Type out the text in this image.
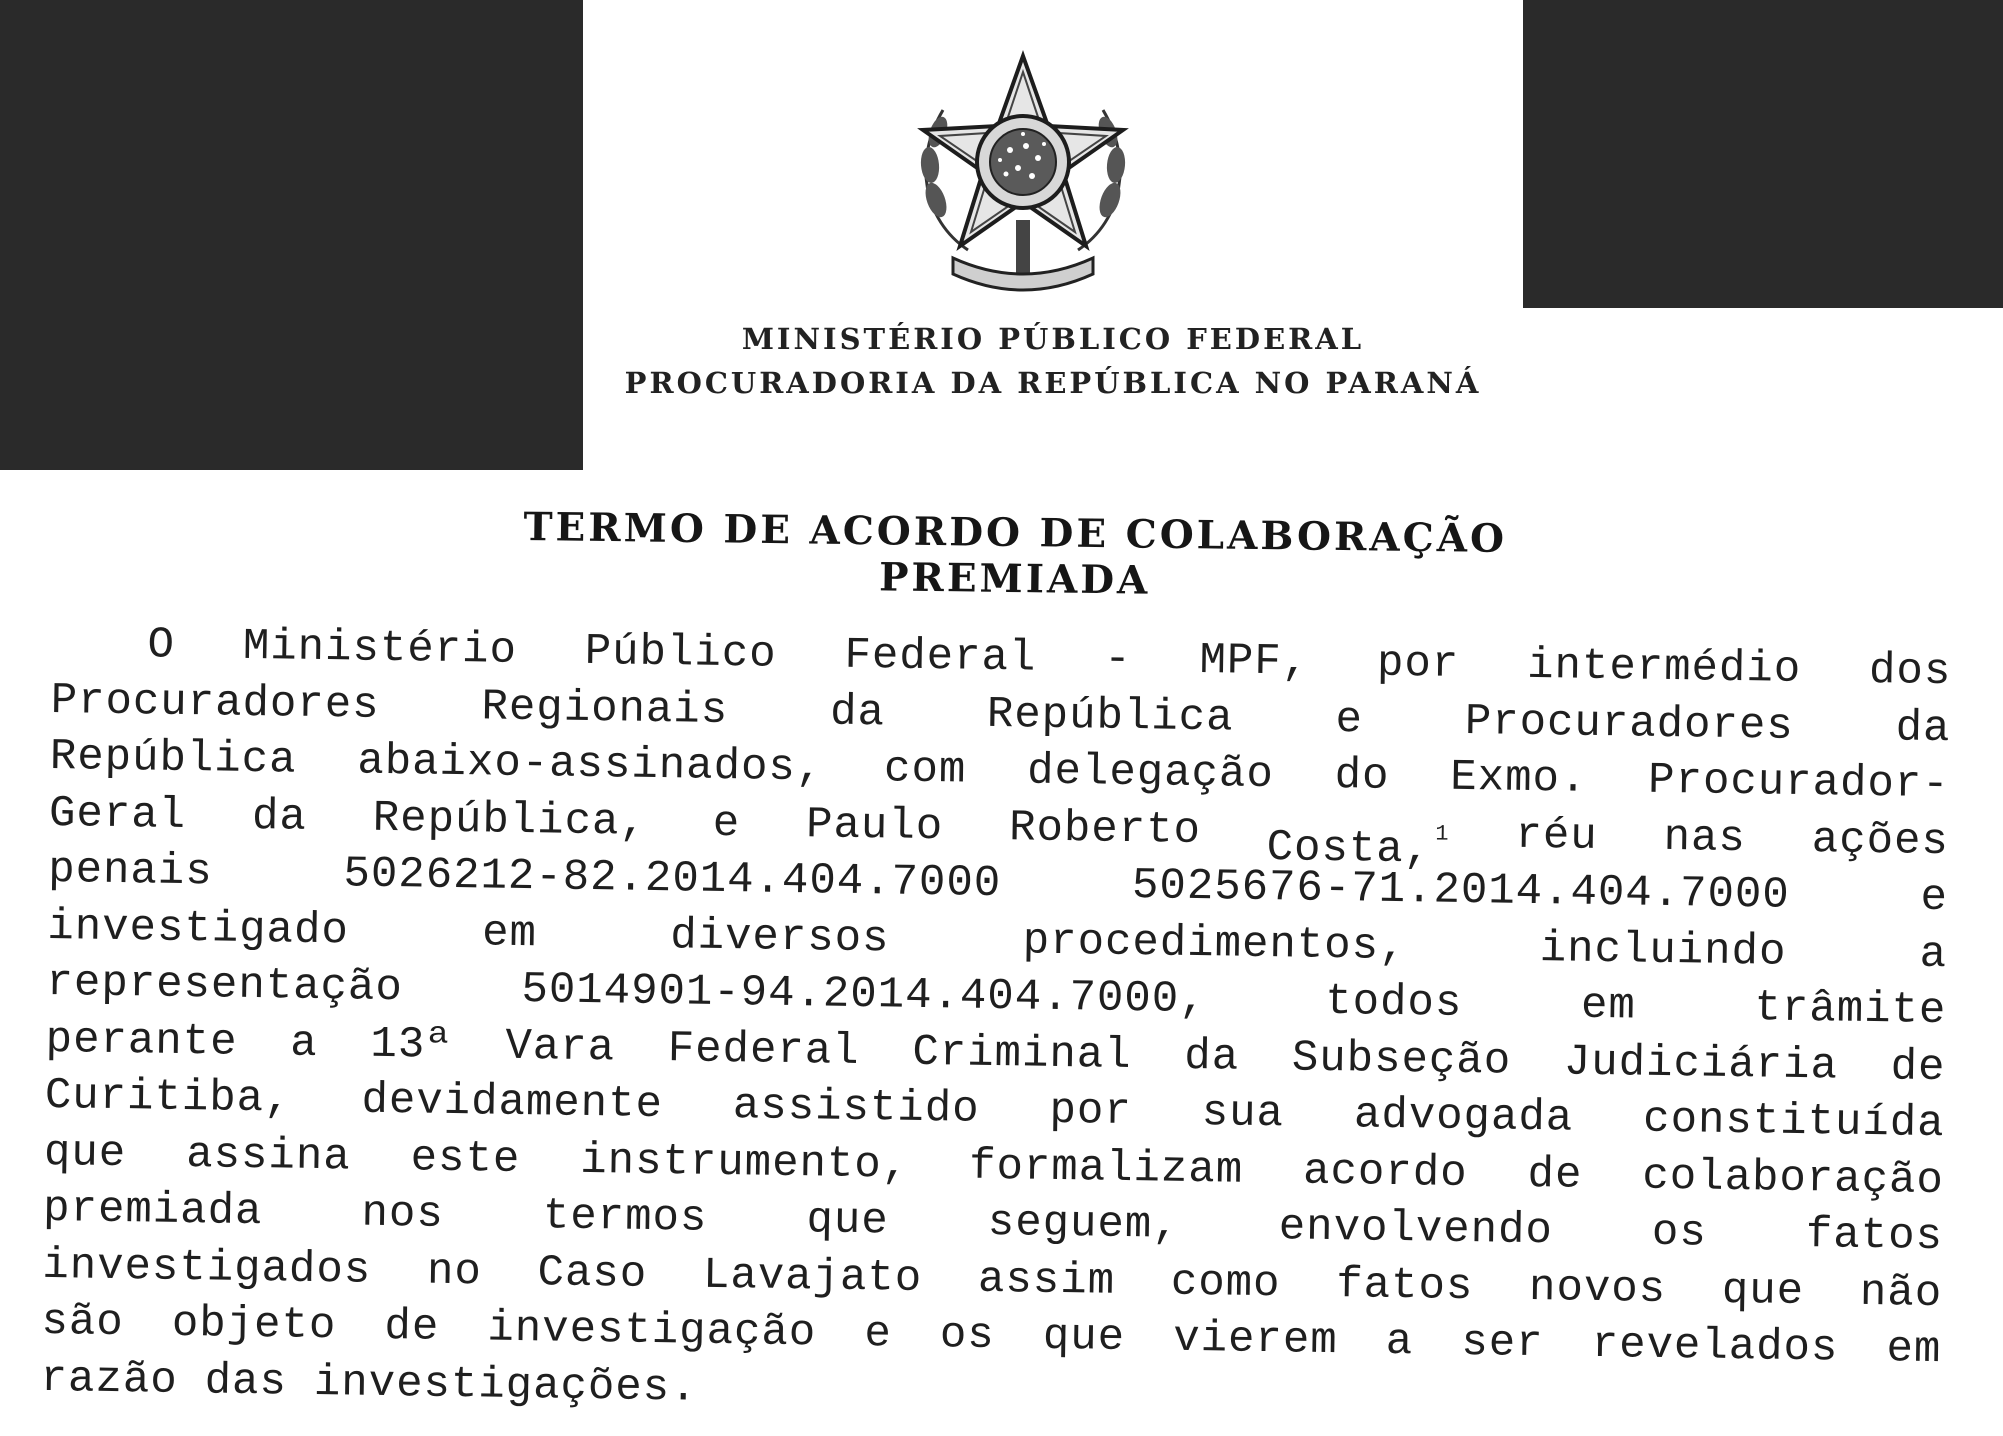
MINISTÉRIO PÚBLICO FEDERAL
PROCURADORIA DA REPÚBLICA NO PARANÁ
TERMO DE ACORDO DE COLABORAÇÃO PREMIADA
O Ministério Público Federal - MPF, por intermédio dos
Procuradores Regionais da República e Procuradores da
República abaixo-assinados, com delegação do Exmo. Procurador-
Geral da República, e Paulo Roberto Costa, $^1$ réu nas ações
penais	5026212-82.2014.404.7000	5025676-71.2014.404.7000	e
investigado	em	diversos	procedimentos,	incluindo	a
representação	5014901-94.2014.404.7000,	todos	em	trâmite
perante a 13ª Vara Federal Criminal da Subseção Judiciária de
Curitiba, devidamente assistido por sua advogada constituída
que assina este instrumento, formalizam acordo de colaboração
premiada nos termos que seguem, envolvendo os fatos
investigados no Caso Lavajato assim como fatos novos que não
são objeto de investigação e os que vierem a ser revelados em
razão das investigações.
